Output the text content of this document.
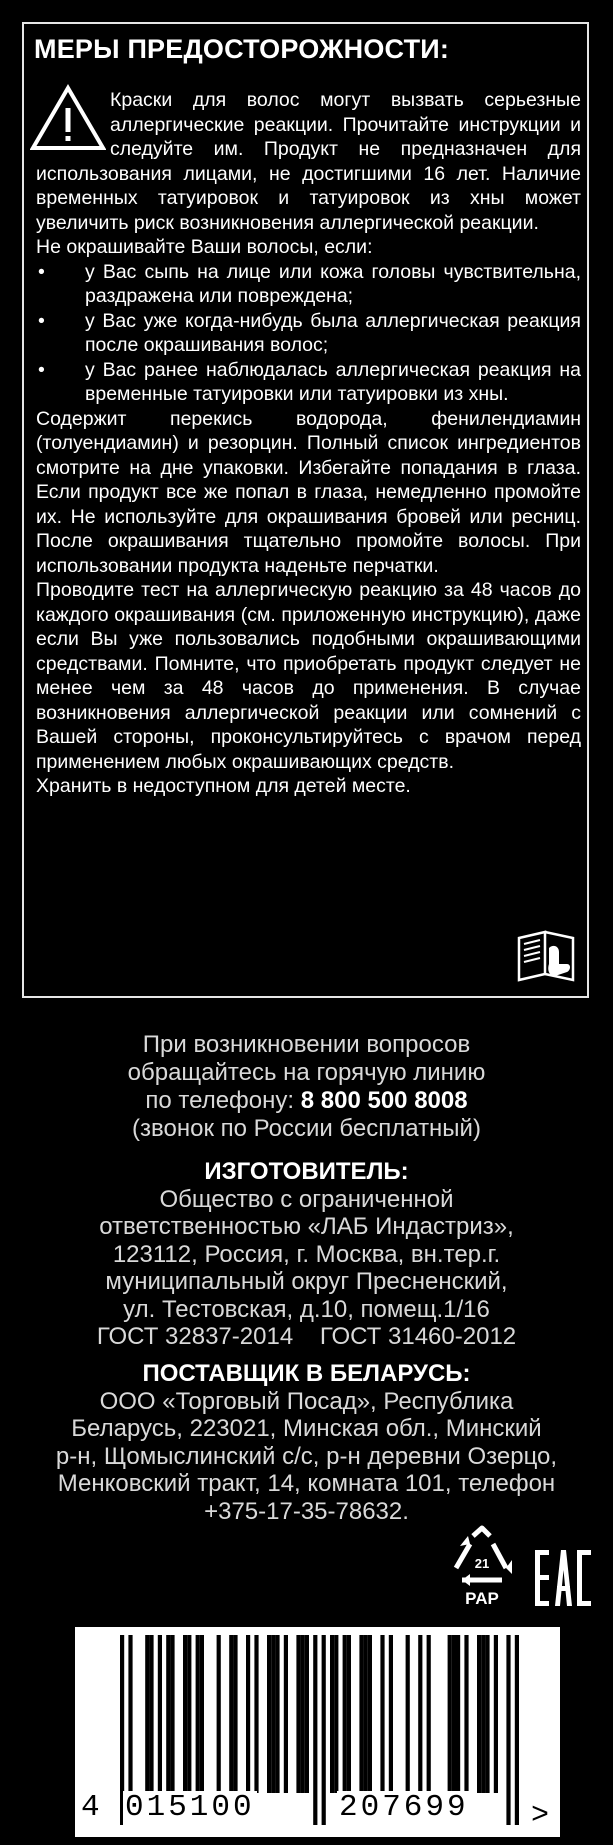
МЕРЫ ПРЕДОСТОРОЖНОСТИ:

Краски для волос могут вызвать серьезные аллергические реакции. Прочитайте инструкции и следуйте им. Продукт не предназначен для использования лицами, не достигшими 16 лет. Наличие временных татуировок и татуировок из хны может увеличить риск возникновения аллергической реакции.

Не окрашивайте Ваши волосы, если:

• у Вас сыпь на лице или кожа головы чувствительна, раздражена или повреждена;

• у Вас уже когда-нибудь была аллергическая реакция после окрашивания волос;

• у Вас ранее наблюдалась аллергическая реакция на временные татуировки или татуировки из хны.

Содержит перекись водорода, фенилендиамин (толуендиамин) и резорцин. Полный список ингредиентов смотрите на дне упаковки. Избегайте попадания в глаза. Если продукт все же попал в глаза, немедленно промойте их. Не используйте для окрашивания бровей или ресниц. После окрашивания тщательно промойте волосы. При использовании продукта наденьте перчатки.

Проводите тест на аллергическую реакцию за 48 часов до каждого окрашивания (см. приложенную инструкцию), даже если Вы уже пользовались подобными окрашивающими средствами. Помните, что приобретать продукт следует не менее чем за 48 часов до применения. В случае возникновения аллергической реакции или сомнений с Вашей стороны, проконсультируйтесь с врачом перед применением любых окрашивающих средств.

Хранить в недоступном для детей месте.

При возникновении вопросов
обращайтесь на горячую линию
по телефону: 8 800 500 8008
(звонок по России бесплатный)
ИЗГОТОВИТЕЛЬ:
Общество с ограниченной
ответственностью «ЛАБ Индастриз»,
123112, Россия, г. Москва, вн.тер.г.
муниципальный округ Пресненский,
ул. Тестовская, д.10, помещ.1/16
ГОСТ 32837-2014    ГОСТ 31460-2012
ПОСТАВЩИК В БЕЛАРУСЬ:
ООО «Торговый Посад», Республика
Беларусь, 223021, Минская обл., Минский
р-н, Щомыслинский с/с, р-н деревни Озерцо,
Менковский тракт, 14, комната 101, телефон
+375-17-35-78632.
21
PAP
>
4 015100	207699
